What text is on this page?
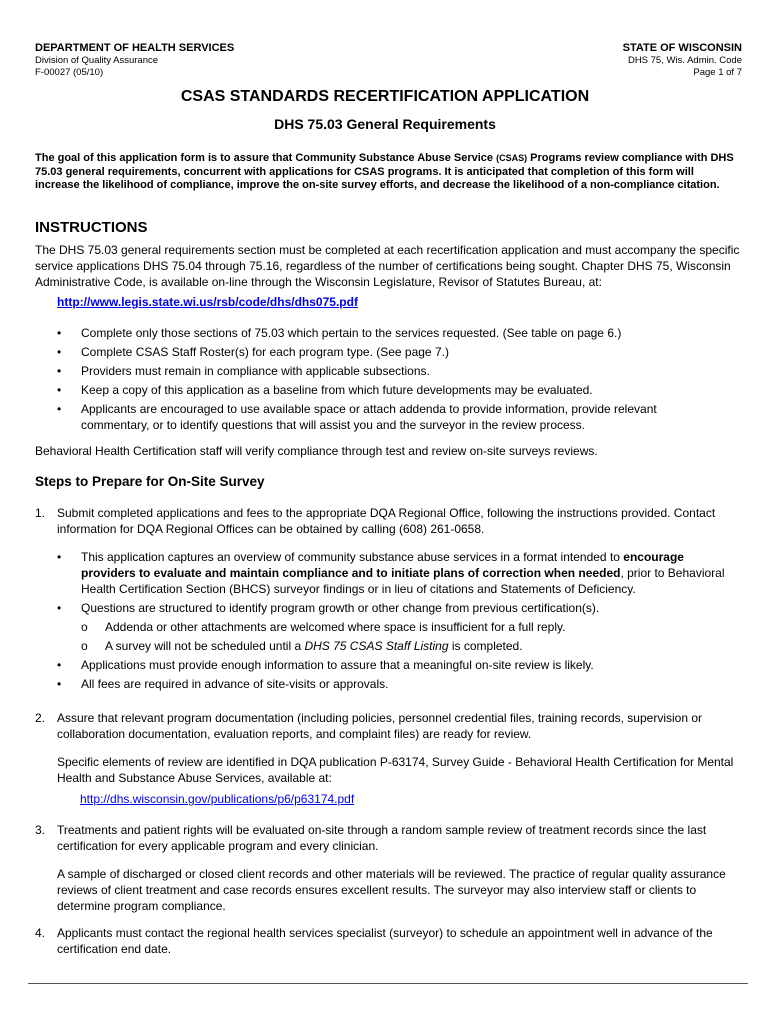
DEPARTMENT OF HEALTH SERVICES
Division of Quality Assurance
F-00027 (05/10)
STATE OF WISCONSIN
DHS 75, Wis. Admin. Code
Page 1 of 7
CSAS STANDARDS RECERTIFICATION APPLICATION
DHS 75.03 General Requirements
The goal of this application form is to assure that Community Substance Abuse Service (CSAS) Programs review compliance with DHS 75.03 general requirements, concurrent with applications for CSAS programs. It is anticipated that completion of this form will increase the likelihood of compliance, improve the on-site survey efforts, and decrease the likelihood of a non-compliance citation.
INSTRUCTIONS
The DHS 75.03 general requirements section must be completed at each recertification application and must accompany the specific service applications DHS 75.04 through 75.16, regardless of the number of certifications being sought. Chapter DHS 75, Wisconsin Administrative Code, is available on-line through the Wisconsin Legislature, Revisor of Statutes Bureau, at:
http://www.legis.state.wi.us/rsb/code/dhs/dhs075.pdf
• Complete only those sections of 75.03 which pertain to the services requested. (See table on page 6.)
• Complete CSAS Staff Roster(s) for each program type. (See page 7.)
• Providers must remain in compliance with applicable subsections.
• Keep a copy of this application as a baseline from which future developments may be evaluated.
• Applicants are encouraged to use available space or attach addenda to provide information, provide relevant commentary, or to identify questions that will assist you and the surveyor in the review process.
Behavioral Health Certification staff will verify compliance through test and review on-site surveys reviews.
Steps to Prepare for On-Site Survey
1. Submit completed applications and fees to the appropriate DQA Regional Office, following the instructions provided. Contact information for DQA Regional Offices can be obtained by calling (608) 261-0658.
• This application captures an overview of community substance abuse services in a format intended to encourage providers to evaluate and maintain compliance and to initiate plans of correction when needed, prior to Behavioral Health Certification Section (BHCS) surveyor findings or in lieu of citations and Statements of Deficiency.
• Questions are structured to identify program growth or other change from previous certification(s).
o Addenda or other attachments are welcomed where space is insufficient for a full reply.
o A survey will not be scheduled until a DHS 75 CSAS Staff Listing is completed.
• Applications must provide enough information to assure that a meaningful on-site review is likely.
• All fees are required in advance of site-visits or approvals.
2. Assure that relevant program documentation (including policies, personnel credential files, training records, supervision or collaboration documentation, evaluation reports, and complaint files) are ready for review.
Specific elements of review are identified in DQA publication P-63174, Survey Guide - Behavioral Health Certification for Mental Health and Substance Abuse Services, available at:
http://dhs.wisconsin.gov/publications/p6/p63174.pdf
3. Treatments and patient rights will be evaluated on-site through a random sample review of treatment records since the last certification for every applicable program and every clinician.
A sample of discharged or closed client records and other materials will be reviewed. The practice of regular quality assurance reviews of client treatment and case records ensures excellent results. The surveyor may also interview staff or clients to determine program compliance.
4. Applicants must contact the regional health services specialist (surveyor) to schedule an appointment well in advance of the certification end date.
